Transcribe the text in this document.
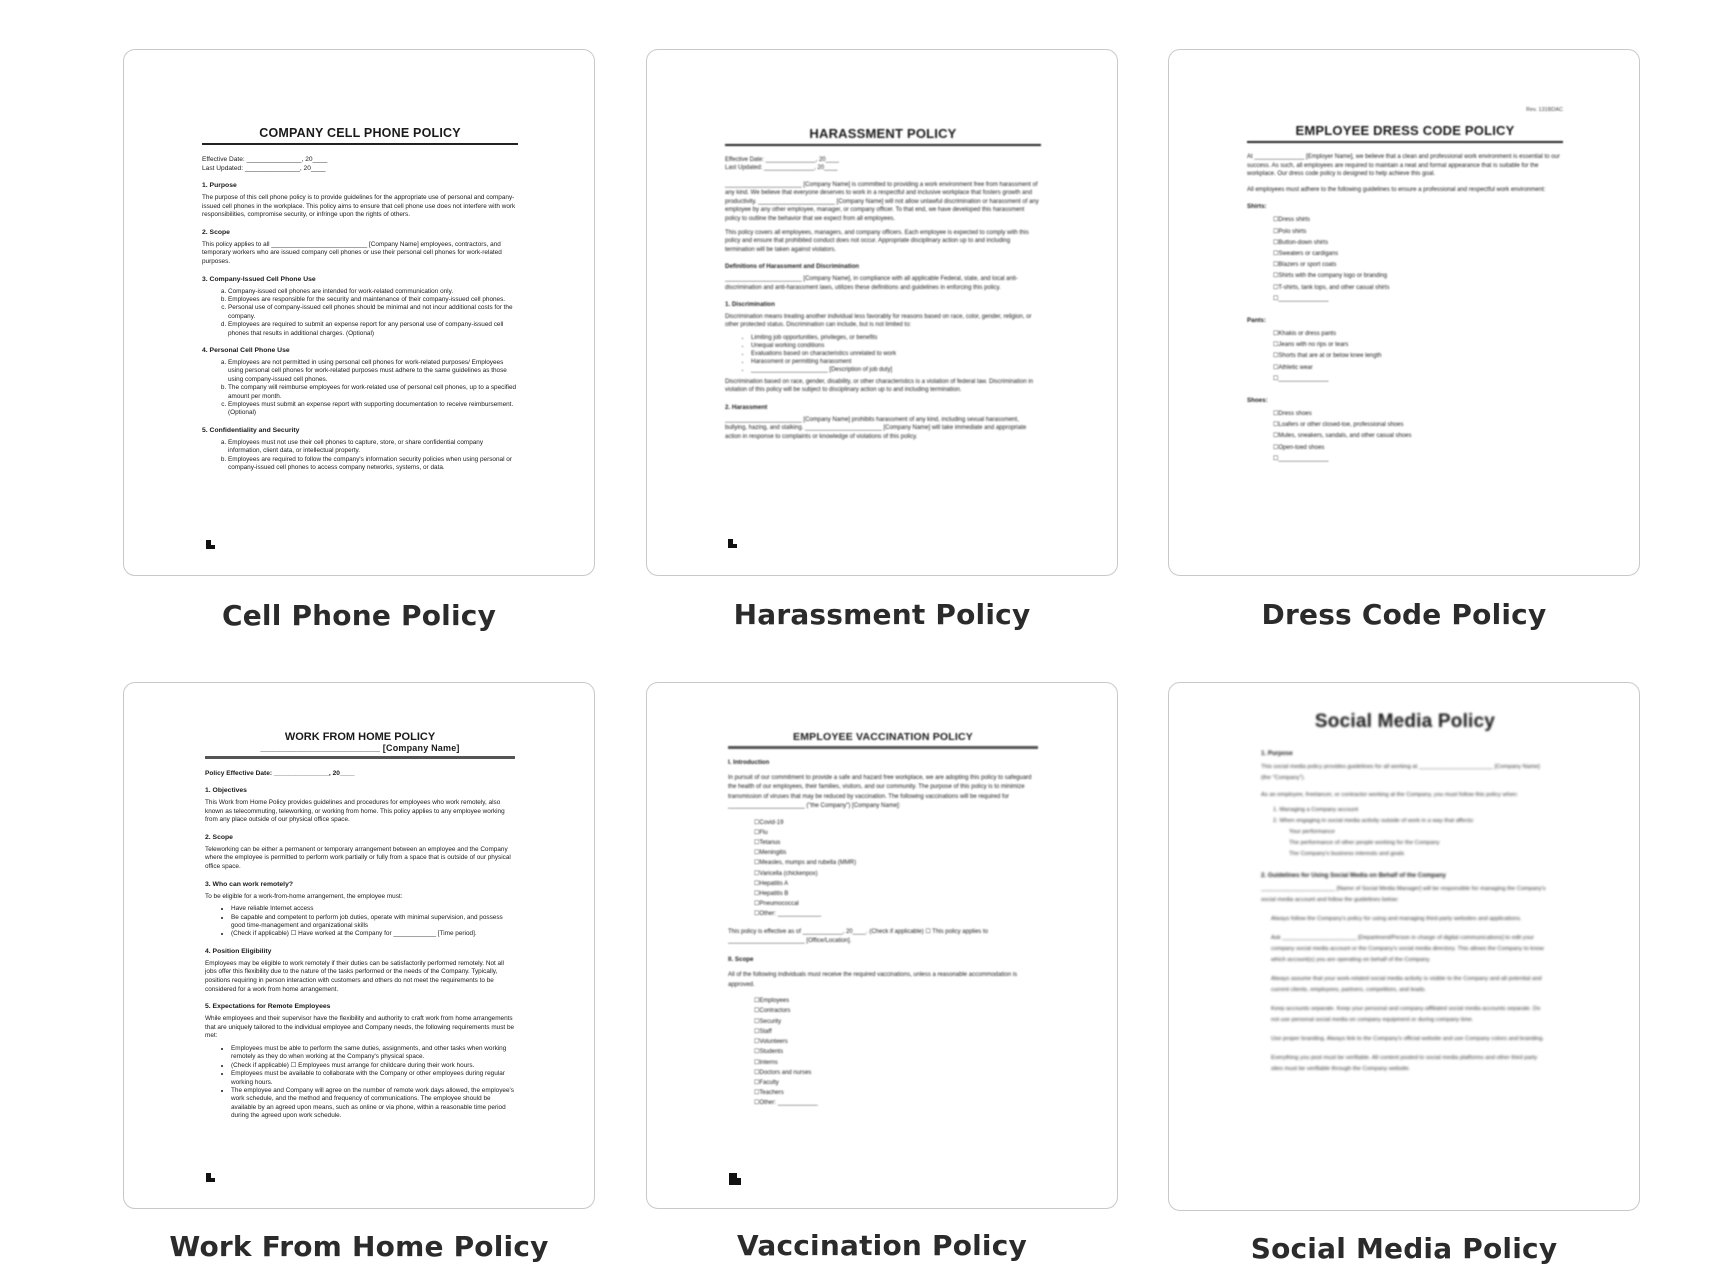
COMPANY CELL PHONE POLICY

Effective Date: _______________, 20____

Last Updated: _______________, 20____

1. Purpose

The purpose of this cell phone policy is to provide guidelines for the appropriate use of personal and company-issued cell phones in the workplace. This policy aims to ensure that cell phone use does not interfere with work responsibilities, compromise security, or infringe upon the rights of others.

2. Scope

This policy applies to all ___________________________ [Company Name] employees, contractors, and temporary workers who are issued company cell phones or use their personal cell phones for work-related purposes.

3. Company-Issued Cell Phone Use
a. Company-issued cell phones are intended for work-related communication only.
b. Employees are responsible for the security and maintenance of their company-issued cell phones.
c. Personal use of company-issued cell phones should be minimal and not incur additional costs for the company.
d. Employees are required to submit an expense report for any personal use of company-issued cell phones that results in additional charges. (Optional)
4. Personal Cell Phone Use
a. Employees are not permitted in using personal cell phones for work-related purposes/ Employees using personal cell phones for work-related purposes must adhere to the same guidelines as those using company-issued cell phones.
b. The company will reimburse employees for work-related use of personal cell phones, up to a specified amount per month.
c. Employees must submit an expense report with supporting documentation to receive reimbursement. (Optional)
5. Confidentiality and Security
a. Employees must not use their cell phones to capture, store, or share confidential company information, client data, or intellectual property.
b. Employees are required to follow the company's information security policies when using personal or company-issued cell phones to access company networks, systems, or data.
Cell Phone Policy
HARASSMENT POLICY

Effective Date: _______________, 20____

Last Updated: _______________, 20____

_______________________ [Company Name] is committed to providing a work environment free from harassment of any kind. We believe that everyone deserves to work in a respectful and inclusive workplace that fosters growth and productivity. _______________________ [Company Name] will not allow unlawful discrimination or harassment of any employee by any other employee, manager, or company officer. To that end, we have developed this harassment policy to outline the behavior that we expect from all employees.

This policy covers all employees, managers, and company officers. Each employee is expected to comply with this policy and ensure that prohibited conduct does not occur. Appropriate disciplinary action up to and including termination will be taken against violators.

Definitions of Harassment and Discrimination

_______________________ [Company Name], in compliance with all applicable Federal, state, and local anti-discrimination and anti-harassment laws, utilizes these definitions and guidelines in enforcing this policy.

1. Discrimination

Discrimination means treating another individual less favorably for reasons based on race, color, gender, religion, or other protected status. Discrimination can include, but is not limited to:

• Limiting job opportunities, privileges, or benefits
• Unequal working conditions
• Evaluations based on characteristics unrelated to work
• Harassment or permitting harassment
• _______________________ [Description of job duty]

Discrimination based on race, gender, disability, or other characteristics is a violation of federal law. Discrimination in violation of this policy will be subject to disciplinary action up to and including termination.

2. Harassment

_______________________ [Company Name] prohibits harassment of any kind, including sexual harassment, bullying, hazing, and stalking. _______________________ [Company Name] will take immediate and appropriate action in response to complaints or knowledge of violations of this policy.

Harassment Policy
Rev. 131BDAC
EMPLOYEE DRESS CODE POLICY

At _______________ [Employer Name], we believe that a clean and professional work environment is essential to our success. As such, all employees are required to maintain a neat and formal appearance that is suitable for the workplace. Our dress code policy is designed to help achieve this goal.

All employees must adhere to the following guidelines to ensure a professional and respectful work environment:

Shirts:
☐ Dress shirts
☐ Polo shirts
☐ Button-down shirts
☐ Sweaters or cardigans
☐ Blazers or sport coats
☐ Shirts with the company logo or branding
☐ T-shirts, tank tops, and other casual shirts
☐ _______________
Pants:
☐ Khakis or dress pants
☐ Jeans with no rips or tears
☐ Shorts that are at or below knee length
☐ Athletic wear
☐ _______________
Shoes:
☐ Dress shoes
☐ Loafers or other closed-toe, professional shoes
☐ Mules, sneakers, sandals, and other casual shoes
☐ Open-toed shoes
☐ _______________
Dress Code Policy
WORK FROM HOME POLICY
_______________________ [Company Name]

Policy Effective Date: _______________, 20____

1. Objectives

This Work from Home Policy provides guidelines and procedures for employees who work remotely, also known as telecommuting, teleworking, or working from home. This policy applies to any employee working from any place outside of our physical office space.

2. Scope

Teleworking can be either a permanent or temporary arrangement between an employee and the Company where the employee is permitted to perform work partially or fully from a space that is outside of our physical office space.

3. Who can work remotely?

To be eligible for a work-from-home arrangement, the employee must:

• Have reliable Internet access
• Be capable and competent to perform job duties, operate with minimal supervision, and possess good time-management and organizational skills
• (Check if applicable) ☐ Have worked at the Company for ____________ [Time period].
4. Position Eligibility

Employees may be eligible to work remotely if their duties can be satisfactorily performed remotely. Not all jobs offer this flexibility due to the nature of the tasks performed or the needs of the Company. Typically, positions requiring in person interaction with customers and others do not meet the requirements to be considered for a work from home arrangement.

5. Expectations for Remote Employees

While employees and their supervisor have the flexibility and authority to craft work from home arrangements that are uniquely tailored to the individual employee and Company needs, the following requirements must be met:

• Employees must be able to perform the same duties, assignments, and other tasks when working remotely as they do when working at the Company's physical space.
• (Check if applicable) ☐ Employees must arrange for childcare during their work hours.
• Employees must be available to collaborate with the Company or other employees during regular working hours.
• The employee and Company will agree on the number of remote work days allowed, the employee's work schedule, and the method and frequency of communications. The employee should be available by an agreed upon means, such as online or via phone, within a reasonable time period during the agreed upon work schedule.
Work From Home Policy
EMPLOYEE VACCINATION POLICY
I. Introduction

In pursuit of our commitment to provide a safe and hazard free workplace, we are adopting this policy to safeguard the health of our employees, their families, visitors, and our community. The purpose of this policy is to minimize transmission of viruses that may be reduced by vaccination. The following vaccinations will be required for _______________________ ("the Company") [Company Name]:

☐ Covid-19
☐ Flu
☐ Tetanus
☐ Meningitis
☐ Measles, mumps and rubella (MMR)
☐ Varicella (chickenpox)
☐ Hepatitis A
☐ Hepatitis B
☐ Pneumococcal
☐ Other: _____________

This policy is effective as of ____________, 20____. (Check if applicable) ☐ This policy applies to _______________________ [Office/Location].

II. Scope

All of the following individuals must receive the required vaccinations, unless a reasonable accommodation is approved.

☐ Employees
☐ Contractors
☐ Security
☐ Staff
☐ Volunteers
☐ Students
☐ Interns
☐ Doctors and nurses
☐ Faculty
☐ Teachers
☐ Other: ____________
Vaccination Policy
Social Media Policy
1. Purpose

This social media policy provides guidelines for all working at _______________________ [Company Name] (the "Company").

As an employee, freelancer, or contractor working at the Company, you must follow this policy when:

1. Managing a Company account

2. When engaging in social media activity outside of work in a way that affects:

Your performance

The performance of other people working for the Company

The Company's business interests and goals

2. Guidelines for Using Social Media on Behalf of the Company

_______________________ [Name of Social Media Manager] will be responsible for managing the Company's social media account and follow the guidelines below:

Always follow the Company's policy for using and managing third-party websites and applications.

Ask _______________________ [Department/Person in charge of digital communications] to edit your company social media account or the Company's social media directory. This allows the Company to know which account(s) you are operating on behalf of the Company.

Always assume that your work-related social media activity is visible to the Company and all potential and current clients, employees, partners, competitors, and leads.

Keep accounts separate. Keep your personal and company-affiliated social media accounts separate. Do not use personal social media on company equipment or during company time.

Use proper branding. Always link to the Company's official website and use Company colors and branding.

Everything you post must be verifiable. All content posted to social media platforms and other third party sites must be verifiable through the Company website.

Social Media Policy
